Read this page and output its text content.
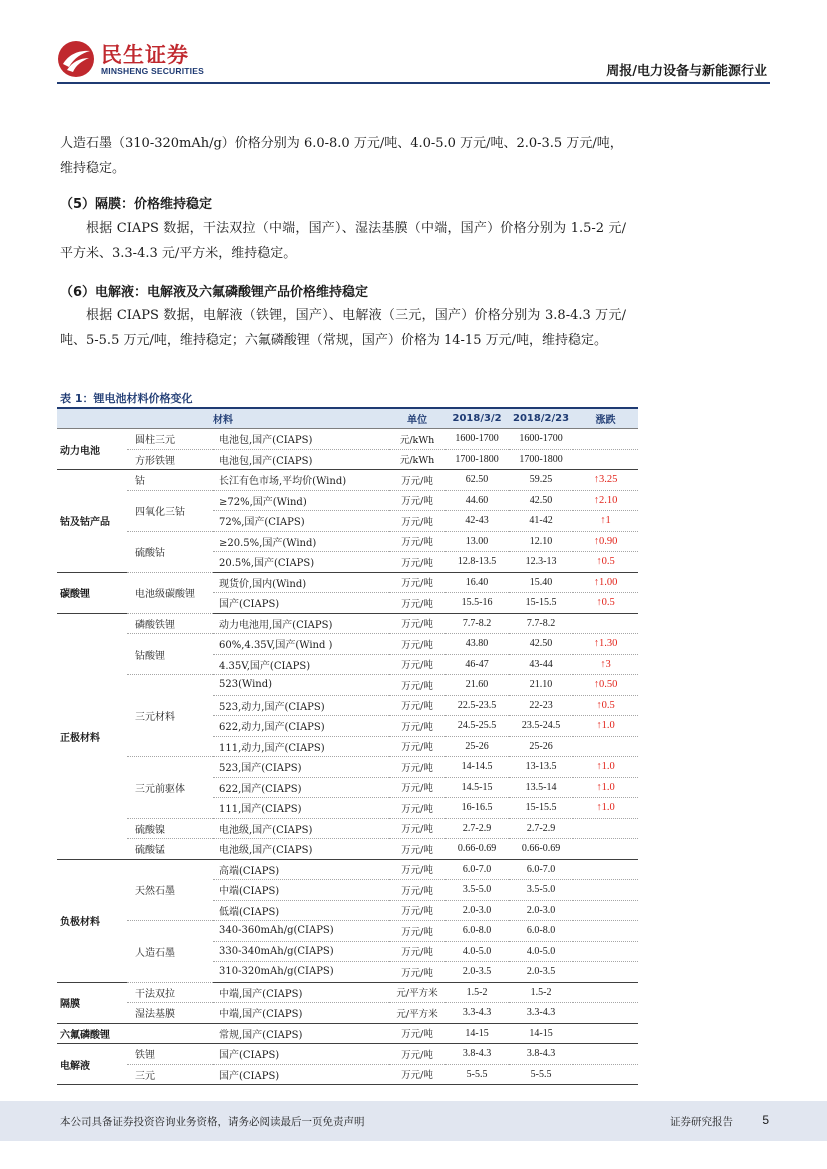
民生证券
MINSHENG SECURITIES	周报/电力设备与新能源行业

人造石墨（310-320mAh/g）价格分别为 6.0-8.0 万元/吨、4.0-5.0 万元/吨、2.0-3.5 万元/吨，

维持稳定。

（5）隔膜：价格维持稳定

根据 CIAPS 数据，干法双拉（中端，国产）、湿法基膜（中端，国产）价格分别为 1.5-2 元/平方米、3.3-4.3 元/平方米，维持稳定。

（6）电解液：电解液及六氟磷酸锂产品价格维持稳定

根据 CIAPS 数据，电解液（铁锂，国产）、电解液（三元，国产）价格分别为 3.8-4.3 万元/吨、5-5.5 万元/吨，维持稳定；六氟磷酸锂（常规，国产）价格为 14-15 万元/吨，维持稳定。

表 1：锂电池材料价格变化
材料			单位	2018/3/2	2018/2/23	涨跌
动力电池	圆柱三元	电池包,国产(CIAPS)	元/kWh	1600-1700	1600-1700	
	方形铁锂	电池包,国产(CIAPS)	元/kWh	1700-1800	1700-1800	
钴及钴产品	钴	长江有色市场,平均价(Wind)	万元/吨	62.50	59.25	↑3.25
	四氧化三钴	≥72%,国产(Wind)	万元/吨	44.60	42.50	↑2.10
		72%,国产(CIAPS)	万元/吨	42-43	41-42	↑1
	硫酸钴	≥20.5%,国产(Wind)	万元/吨	13.00	12.10	↑0.90
		20.5%,国产(CIAPS)	万元/吨	12.8-13.5	12.3-13	↑0.5
碳酸锂	电池级碳酸锂	现货价,国内(Wind)	万元/吨	16.40	15.40	↑1.00
		国产(CIAPS)	万元/吨	15.5-16	15-15.5	↑0.5
正极材料	磷酸铁锂	动力电池用,国产(CIAPS)	万元/吨	7.7-8.2	7.7-8.2	
	钴酸锂	60%,4.35V,国产(Wind )	万元/吨	43.80	42.50	↑1.30
		4.35V,国产(CIAPS)	万元/吨	46-47	43-44	↑3
	三元材料	523(Wind)	万元/吨	21.60	21.10	↑0.50
		523,动力,国产(CIAPS)	万元/吨	22.5-23.5	22-23	↑0.5
		622,动力,国产(CIAPS)	万元/吨	24.5-25.5	23.5-24.5	↑1.0
		111,动力,国产(CIAPS)	万元/吨	25-26	25-26	
	三元前驱体	523,国产(CIAPS)	万元/吨	14-14.5	13-13.5	↑1.0
		622,国产(CIAPS)	万元/吨	14.5-15	13.5-14	↑1.0
		111,国产(CIAPS)	万元/吨	16-16.5	15-15.5	↑1.0
	硫酸镍	电池级,国产(CIAPS)	万元/吨	2.7-2.9	2.7-2.9	
	硫酸锰	电池级,国产(CIAPS)	万元/吨	0.66-0.69	0.66-0.69	
负极材料	天然石墨	高端(CIAPS)	万元/吨	6.0-7.0	6.0-7.0	
		中端(CIAPS)	万元/吨	3.5-5.0	3.5-5.0	
		低端(CIAPS)	万元/吨	2.0-3.0	2.0-3.0	
	人造石墨	340-360mAh/g(CIAPS)	万元/吨	6.0-8.0	6.0-8.0	
		330-340mAh/g(CIAPS)	万元/吨	4.0-5.0	4.0-5.0	
		310-320mAh/g(CIAPS)	万元/吨	2.0-3.5	2.0-3.5	
隔膜	干法双拉	中端,国产(CIAPS)	元/平方米	1.5-2	1.5-2	
	湿法基膜	中端,国产(CIAPS)	元/平方米	3.3-4.3	3.3-4.3	
六氟磷酸锂		常规,国产(CIAPS)	万元/吨	14-15	14-15	
电解液	铁锂	国产(CIAPS)	万元/吨	3.8-4.3	3.8-4.3	
	三元	国产(CIAPS)	万元/吨	5-5.5	5-5.5	
本公司具备证券投资咨询业务资格，请务必阅读最后一页免责声明	证券研究报告 5
